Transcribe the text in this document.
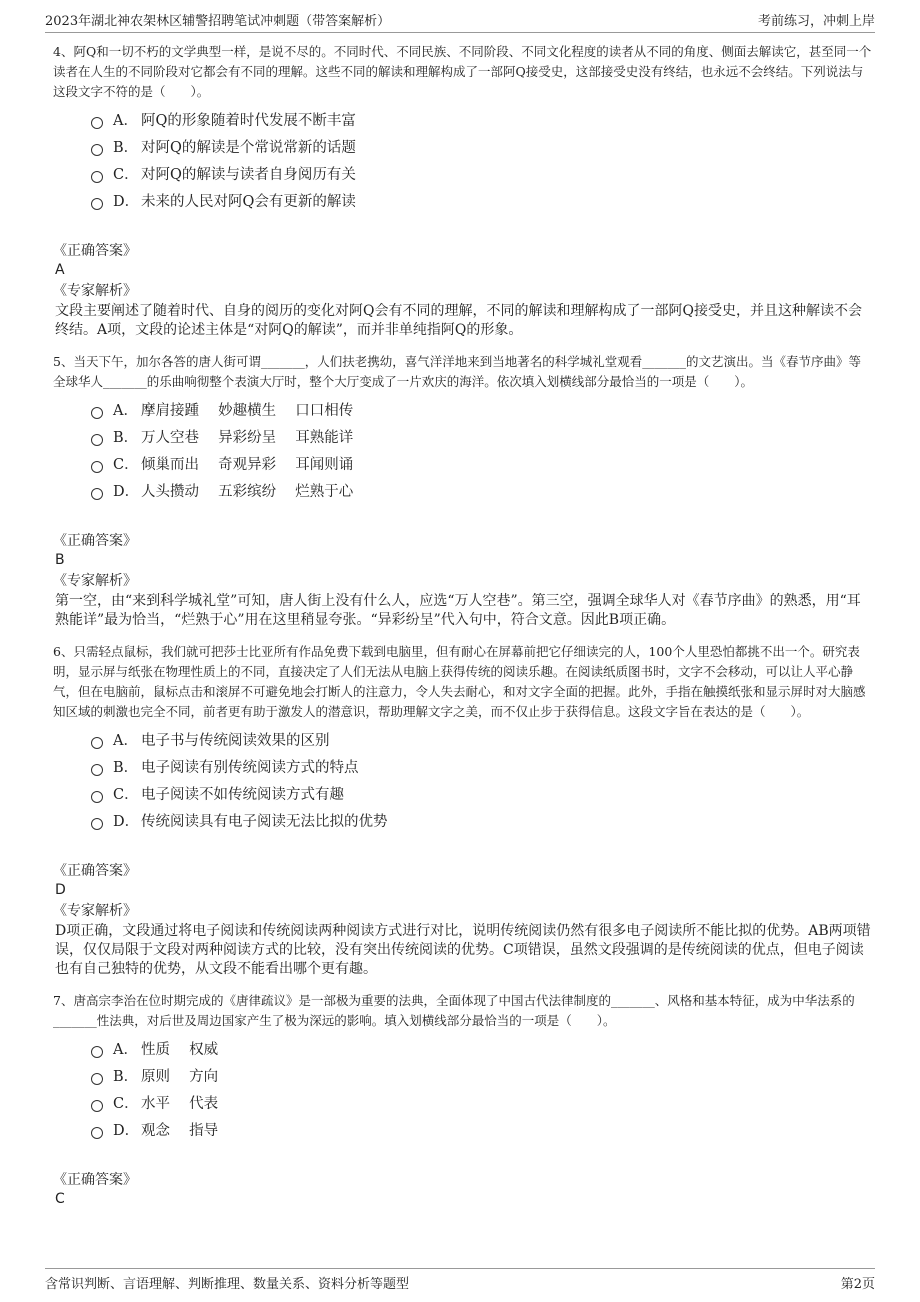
2023年湖北神农架林区辅警招聘笔试冲刺题（带答案解析）	考前练习，冲刺上岸

4、阿Q和一切不朽的文学典型一样，是说不尽的。不同时代、不同民族、不同阶段、不同文化程度的读者从不同的角度、侧面去解读它，甚至同一个读者在人生的不同阶段对它都会有不同的理解。这些不同的解读和理解构成了一部阿Q接受史，这部接受史没有终结，也永远不会终结。下列说法与这段文字不符的是（　　）。

A． 阿Q的形象随着时代发展不断丰富
B． 对阿Q的解读是个常说常新的话题
C． 对阿Q的解读与读者自身阅历有关
D． 未来的人民对阿Q会有更新的解读
《正确答案》
A
《专家解析》
文段主要阐述了随着时代、自身的阅历的变化对阿Q会有不同的理解，不同的解读和理解构成了一部阿Q接受史，并且这种解读不会终结。A项，文段的论述主体是“对阿Q的解读”，而并非单纯指阿Q的形象。

5、当天下午，加尔各答的唐人街可谓_______，人们扶老携幼，喜气洋洋地来到当地著名的科学城礼堂观看_______的文艺演出。当《春节序曲》等全球华人_______的乐曲响彻整个表演大厅时，整个大厅变成了一片欢庆的海洋。依次填入划横线部分最恰当的一项是（　　）。

A． 摩肩接踵　 妙趣横生　 口口相传
B． 万人空巷　 异彩纷呈　 耳熟能详
C． 倾巢而出　 奇观异彩　 耳闻则诵
D． 人头攒动　 五彩缤纷　 烂熟于心
《正确答案》
B
《专家解析》
第一空，由“来到科学城礼堂”可知，唐人街上没有什么人，应选“万人空巷”。第三空，强调全球华人对《春节序曲》的熟悉，用“耳熟能详”最为恰当，“烂熟于心”用在这里稍显夸张。“异彩纷呈”代入句中，符合文意。因此B项正确。

6、只需轻点鼠标，我们就可把莎士比亚所有作品免费下载到电脑里，但有耐心在屏幕前把它仔细读完的人，100个人里恐怕都挑不出一个。研究表明，显示屏与纸张在物理性质上的不同，直接决定了人们无法从电脑上获得传统的阅读乐趣。在阅读纸质图书时，文字不会移动，可以让人平心静气，但在电脑前，鼠标点击和滚屏不可避免地会打断人的注意力，令人失去耐心，和对文字全面的把握。此外，手指在触摸纸张和显示屏时对大脑感知区域的刺激也完全不同，前者更有助于激发人的潜意识，帮助理解文字之美，而不仅止步于获得信息。这段文字旨在表达的是（　　）。

A． 电子书与传统阅读效果的区别
B． 电子阅读有别传统阅读方式的特点
C． 电子阅读不如传统阅读方式有趣
D． 传统阅读具有电子阅读无法比拟的优势
《正确答案》
D
《专家解析》
D项正确，文段通过将电子阅读和传统阅读两种阅读方式进行对比，说明传统阅读仍然有很多电子阅读所不能比拟的优势。AB两项错误，仅仅局限于文段对两种阅读方式的比较，没有突出传统阅读的优势。C项错误，虽然文段强调的是传统阅读的优点，但电子阅读也有自己独特的优势，从文段不能看出哪个更有趣。

7、唐高宗李治在位时期完成的《唐律疏议》是一部极为重要的法典，全面体现了中国古代法律制度的_______、风格和基本特征，成为中华法系的_______性法典，对后世及周边国家产生了极为深远的影响。填入划横线部分最恰当的一项是（　　）。

A． 性质　 权威
B． 原则　 方向
C． 水平　 代表
D． 观念　 指导
《正确答案》
C
含常识判断、言语理解、判断推理、数量关系、资料分析等题型	第2页
